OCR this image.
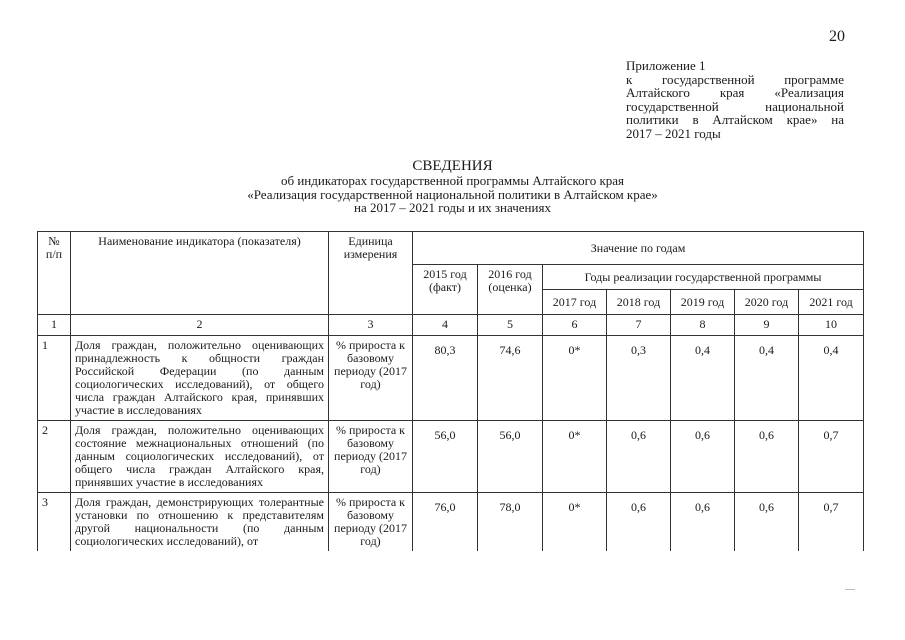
20
Приложение 1
к государственной программе
Алтайского края «Реализация
государственной национальной
политики в Алтайском крае» на
2017 – 2021 годы
СВЕДЕНИЯ
об индикаторах государственной программы Алтайского края
«Реализация государственной национальной политики в Алтайском крае»
на 2017 – 2021 годы и их значениях
№ п/п	Наименование индикатора (показателя)	Единица измерения	Значение по годам						
			2015 год (факт)	2016 год (оценка)	Годы реализации государственной программы				
					2017 год	2018 год	2019 год	2020 год	2021 год
1	2	3	4	5	6	7	8	9	10
1	Доля граждан, положительно оценивающих принадлежность к общности граждан Российской Федерации (по данным социологических исследований), от общего числа граждан Алтайского края, принявших участие в исследованиях	% прироста к базовому периоду (2017 год)	80,3	74,6	0*	0,3	0,4	0,4	0,4
2	Доля граждан, положительно оценивающих состояние межнациональных отношений (по данным социологических исследований), от общего числа граждан Алтайского края, принявших участие в исследованиях	% прироста к базовому периоду (2017 год)	56,0	56,0	0*	0,6	0,6	0,6	0,7
3	Доля граждан, демонстрирующих толерантные установки по отношению к представителям другой национальности (по данным социологических исследований), от	% прироста к базовому периоду (2017 год)	76,0	78,0	0*	0,6	0,6	0,6	0,7
